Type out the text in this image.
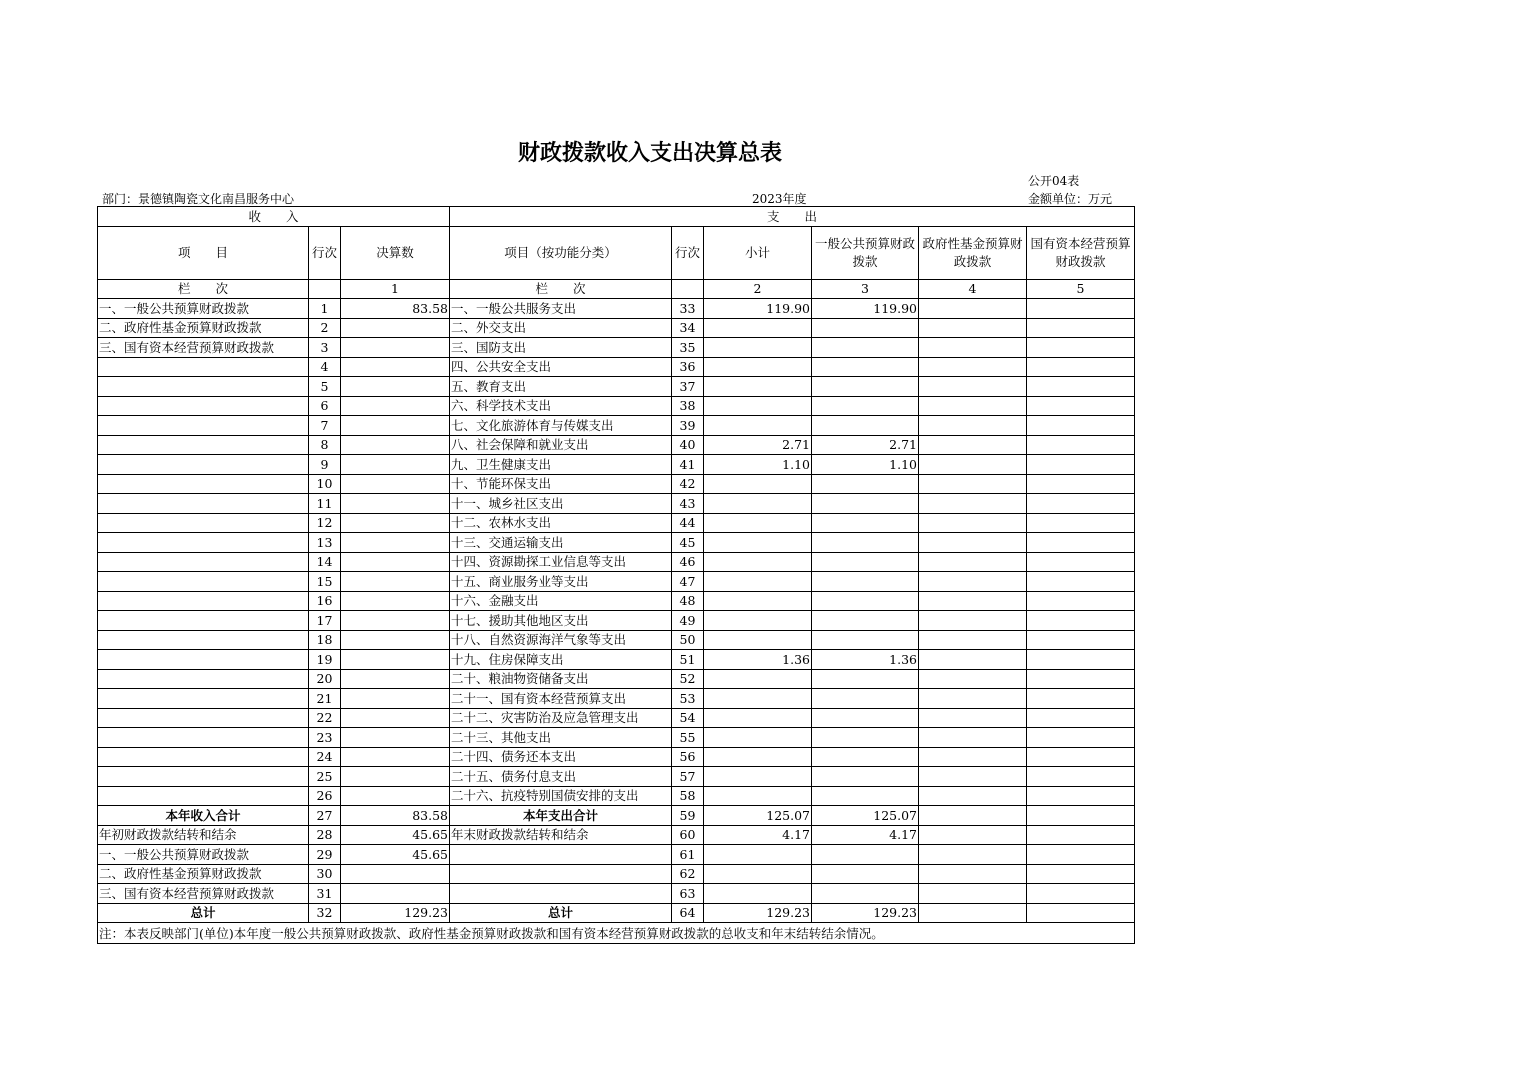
财政拨款收入支出决算总表
公开04表
部门：景德镇陶瓷文化南昌服务中心	2023年度	金额单位：万元
收　　入			支　　出					
项　　目	行次	决算数	项目（按功能分类）	行次	小计	一般公共预算财政拨款	政府性基金预算财政拨款	国有资本经营预算财政拨款
栏　　次		1	栏　　次		2	3	4	5
一、一般公共预算财政拨款	1	83.58	一、一般公共服务支出	33	119.90	119.90		
二、政府性基金预算财政拨款	2		二、外交支出	34				
三、国有资本经营预算财政拨款	3		三、国防支出	35				
	4		四、公共安全支出	36				
	5		五、教育支出	37				
	6		六、科学技术支出	38				
	7		七、文化旅游体育与传媒支出	39				
	8		八、社会保障和就业支出	40	2.71	2.71		
	9		九、卫生健康支出	41	1.10	1.10		
	10		十、节能环保支出	42				
	11		十一、城乡社区支出	43				
	12		十二、农林水支出	44				
	13		十三、交通运输支出	45				
	14		十四、资源勘探工业信息等支出	46				
	15		十五、商业服务业等支出	47				
	16		十六、金融支出	48				
	17		十七、援助其他地区支出	49				
	18		十八、自然资源海洋气象等支出	50				
	19		十九、住房保障支出	51	1.36	1.36		
	20		二十、粮油物资储备支出	52				
	21		二十一、国有资本经营预算支出	53				
	22		二十二、灾害防治及应急管理支出	54				
	23		二十三、其他支出	55				
	24		二十四、债务还本支出	56				
	25		二十五、债务付息支出	57				
	26		二十六、抗疫特别国债安排的支出	58				
本年收入合计	27	83.58	本年支出合计	59	125.07	125.07		
年初财政拨款结转和结余	28	45.65	年末财政拨款结转和结余	60	4.17	4.17		
一、一般公共预算财政拨款	29	45.65		61				
二、政府性基金预算财政拨款	30			62				
三、国有资本经营预算财政拨款	31			63				
总计	32	129.23	总计	64	129.23	129.23		
注：本表反映部门(单位)本年度一般公共预算财政拨款、政府性基金预算财政拨款和国有资本经营预算财政拨款的总收支和年末结转结余情况。								
